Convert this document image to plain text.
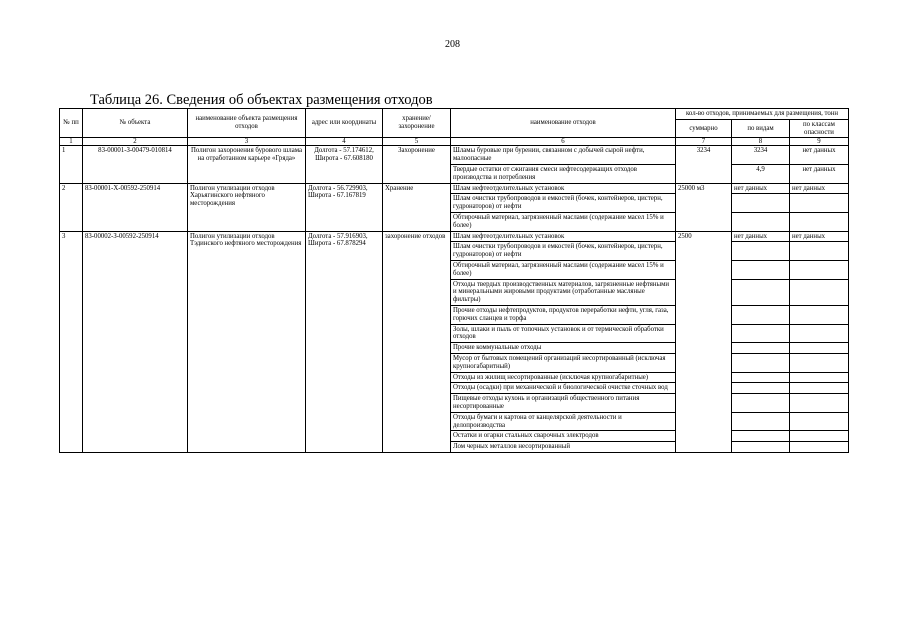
208
Таблица 26. Сведения об объектах размещения отходов
№ пп	№ объекта	наименование объекта размещения отходов	адрес или координаты	хранение/захоронение	наименование отходов	кол-во отходов, принимаемых для размещения, тонн		
						суммарно	по видам	по классам опасности
1	2	3	4	5	6	7	8	9
1	83-00001-З-00479-010814	Полигон захоронения бурового шлама на отработанном карьере «Гряда»	Долгота - 57.174612, Широта - 67.608180	Захоронение	Шламы буровые при бурении, связанном с добычей сырой нефти, малоопасные	3234	3234	нет данных
					Твердые остатки от сжигания смеси нефтесодержащих отходов производства и потребления		4,9	нет данных
2	83-00001-Х-00592-250914	Полигон утилизации отходов Харьягинского нефтяного месторождения	Долгота - 56.729903, Широта - 67.167819	Хранение	Шлам нефтеотделительных установок	25000 м3	нет данных	нет данных
					Шлам очистки трубопроводов и емкостей (бочек, контейнеров, цистерн, гудронаторов) от нефти			
					Обтирочный материал, загрязненный маслами (содержание масел 15% и более)			
3	83-00002-З-00592-250914	Полигон утилизации отходов Тэдинского нефтяного месторождения	Долгота - 57.916903, Широта - 67.878294	захоронение отходов	Шлам нефтеотделительных установок	2500	нет данных	нет данных
					Шлам очистки трубопроводов и емкостей (бочек, контейнеров, цистерн, гудронаторов) от нефти			
					Обтирочный материал, загрязненный маслами (содержание масел 15% и более)			
					Отходы твердых производственных материалов, загрязненные нефтяными и минеральными жировыми продуктами (отработанные масляные фильтры)			
					Прочие отходы нефтепродуктов, продуктов переработки нефти, угля, газа, горючих сланцев и торфа			
					Золы, шлаки и пыль от топочных установок и от термической обработки отходов			
					Прочие коммунальные отходы			
					Мусор от бытовых помещений организаций несортированный (исключая крупногабаритный)			
					Отходы из жилищ несортированные (исключая крупногабаритные)			
					Отходы (осадки) при механической и биологической очистке сточных вод			
					Пищевые отходы кухонь и организаций общественного питания несортированные			
					Отходы бумаги и картона от канцелярской деятельности и делопроизводства			
					Остатки и огарки стальных сварочных электродов			
					Лом черных металлов несортированный			
